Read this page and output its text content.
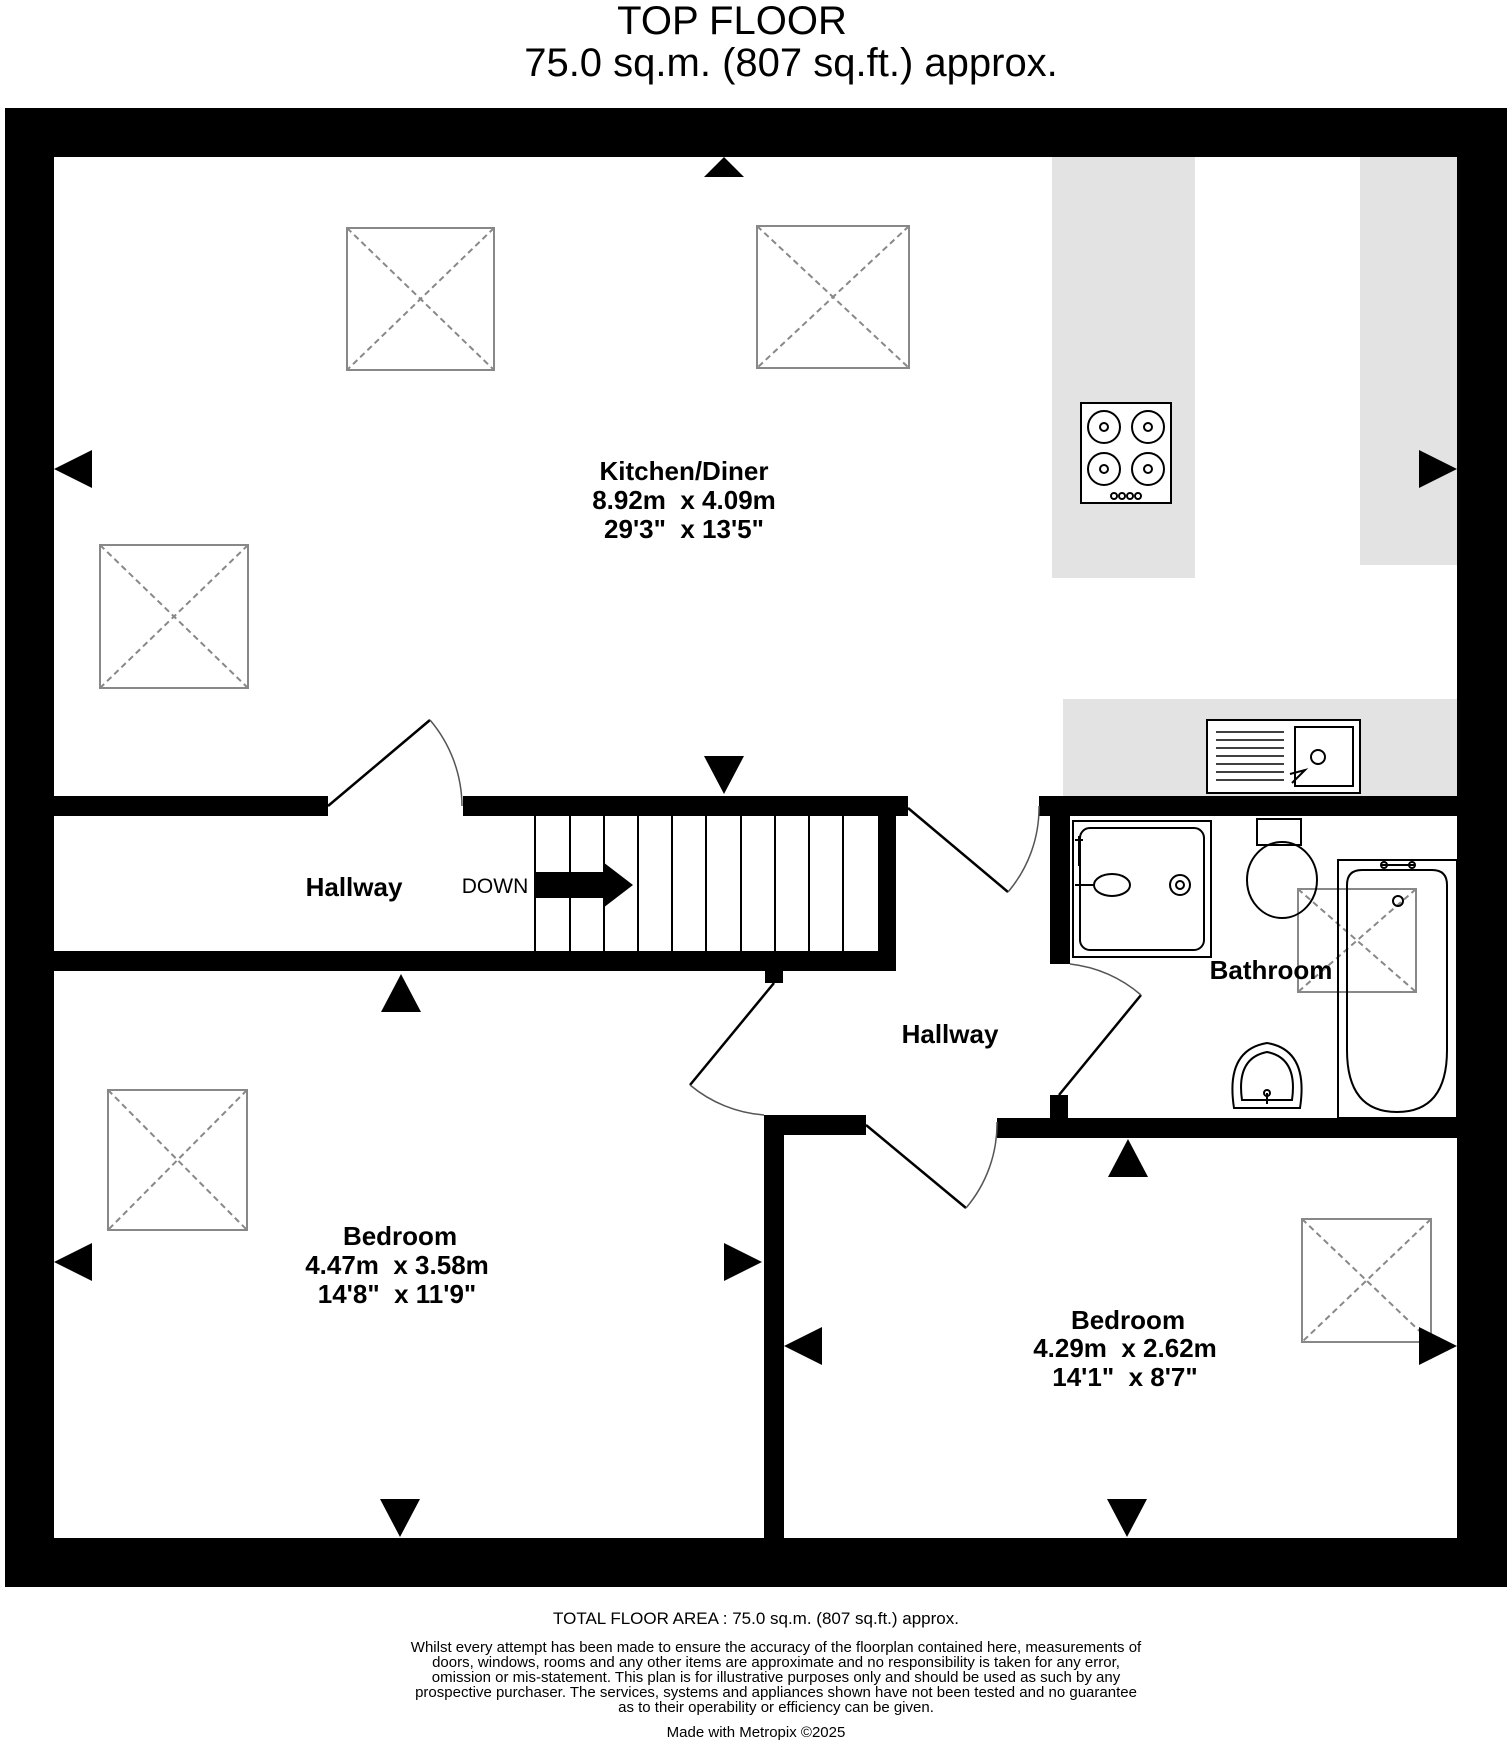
TOP FLOOR
75.0 sq.m. (807 sq.ft.) approx.
Kitchen/Diner
8.92m  x 4.09m
29'3"  x 13'5"
Hallway	DOWN
Hallway
Bathroom
Bedroom
4.47m  x 3.58m
14'8"  x 11'9"
Bedroom
4.29m  x 2.62m
14'1"  x 8'7"
TOTAL FLOOR AREA : 75.0 sq.m. (807 sq.ft.) approx.
Whilst every attempt has been made to ensure the accuracy of the floorplan contained here, measurements of doors, windows, rooms and any other items are approximate and no responsibility is taken for any error, omission or mis-statement. This plan is for illustrative purposes only and should be used as such by any prospective purchaser. The services, systems and appliances shown have not been tested and no guarantee as to their operability or efficiency can be given.
Made with Metropix ©2025
